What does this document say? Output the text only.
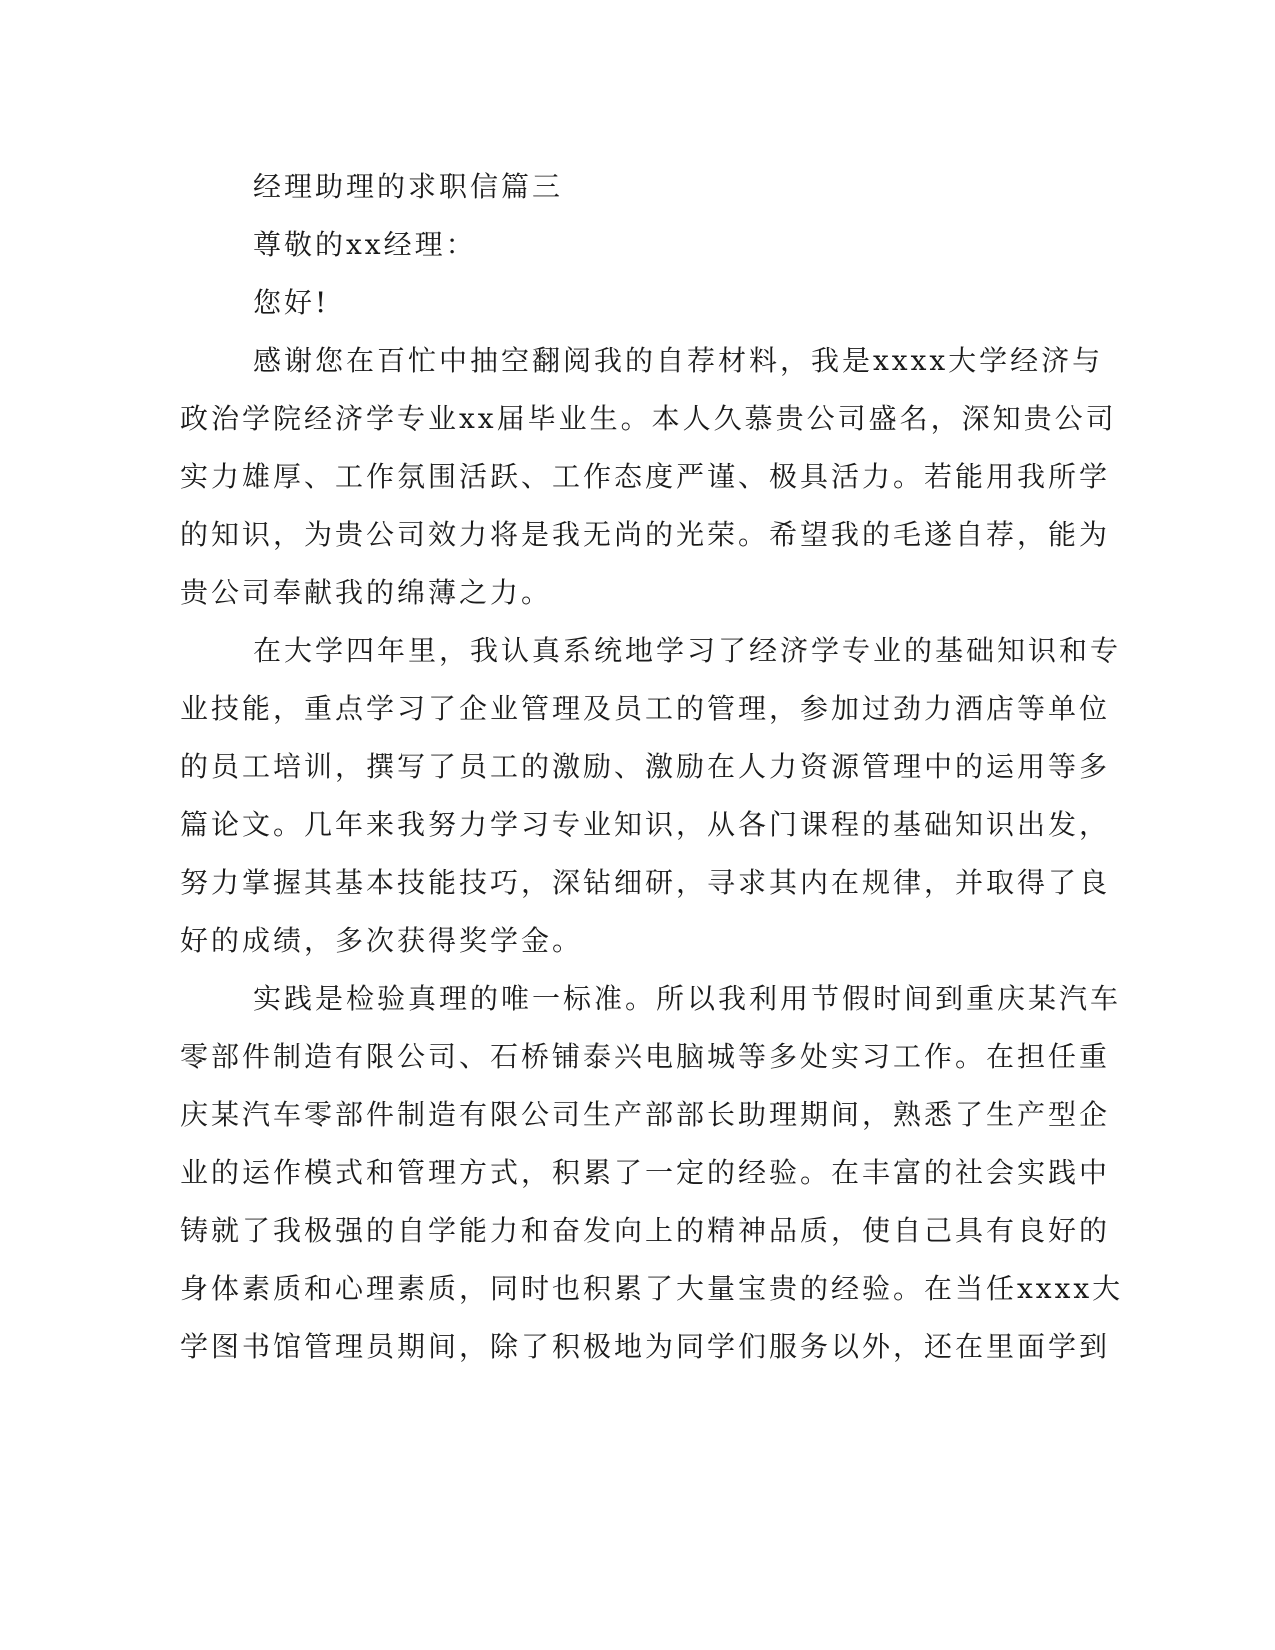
经理助理的求职信篇三
尊敬的xx经理：
您好!
感谢您在百忙中抽空翻阅我的自荐材料，我是xxxx大学经济与
政治学院经济学专业xx届毕业生。本人久慕贵公司盛名，深知贵公司
实力雄厚、工作氛围活跃、工作态度严谨、极具活力。若能用我所学
的知识，为贵公司效力将是我无尚的光荣。希望我的毛遂自荐，能为
贵公司奉献我的绵薄之力。
在大学四年里，我认真系统地学习了经济学专业的基础知识和专
业技能，重点学习了企业管理及员工的管理，参加过劲力酒店等单位
的员工培训，撰写了员工的激励、激励在人力资源管理中的运用等多
篇论文。几年来我努力学习专业知识，从各门课程的基础知识出发，
努力掌握其基本技能技巧，深钻细研，寻求其内在规律，并取得了良
好的成绩，多次获得奖学金。
实践是检验真理的唯一标准。所以我利用节假时间到重庆某汽车
零部件制造有限公司、石桥铺泰兴电脑城等多处实习工作。在担任重
庆某汽车零部件制造有限公司生产部部长助理期间，熟悉了生产型企
业的运作模式和管理方式，积累了一定的经验。在丰富的社会实践中
铸就了我极强的自学能力和奋发向上的精神品质，使自己具有良好的
身体素质和心理素质，同时也积累了大量宝贵的经验。在当任xxxx大
学图书馆管理员期间，除了积极地为同学们服务以外，还在里面学到
